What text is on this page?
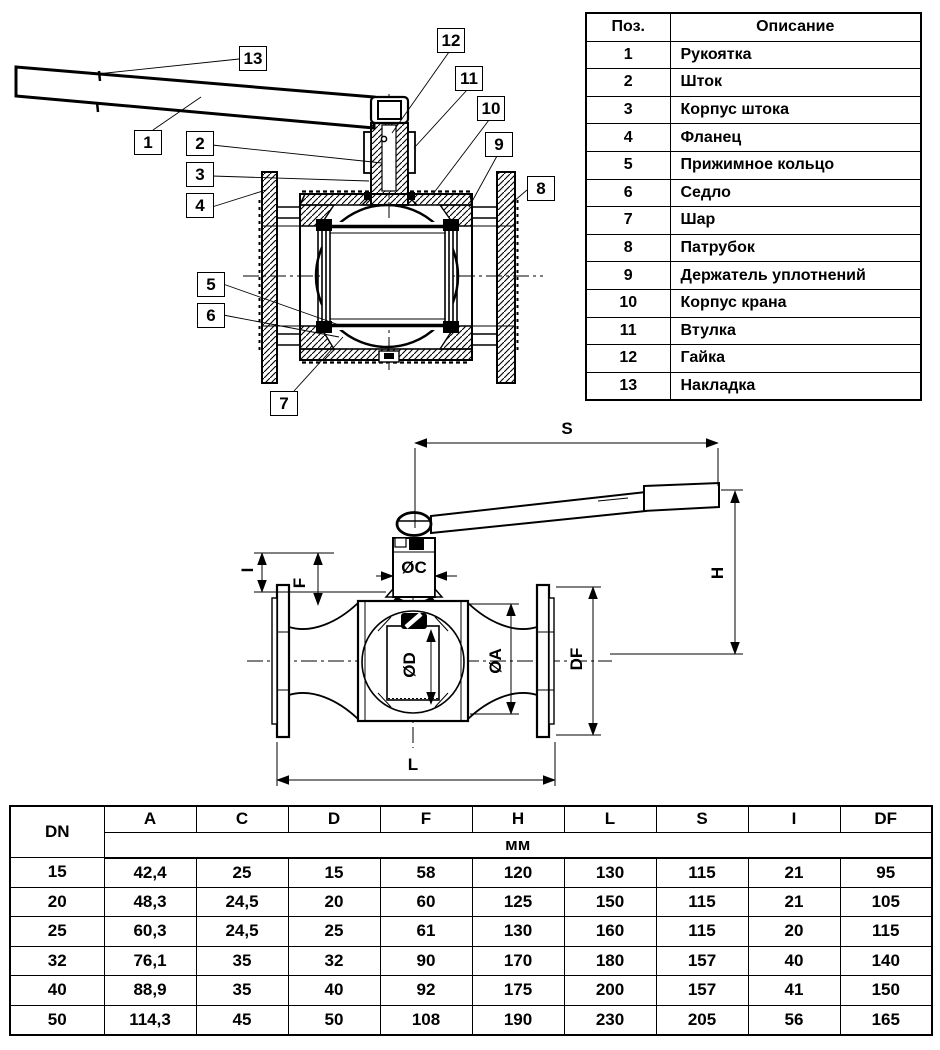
1	2
3
4
5
6
7
8
9
10
11
12
13
Поз.	Описание
1	Рукоятка
2	Шток
3	Корпус штока
4	Фланец
5	Прижимное кольцо
6	Седло
7	Шар
8	Патрубок
9	Держатель уплотнений
10	Корпус крана
11	Втулка
12	Гайка
13	Накладка
S
H
I
F
ØC
ØD	ØA	DF
L
DN	A	C	D	F	H	L	S	I	DF
	мм								
15	42,4	25	15	58	120	130	115	21	95
20	48,3	24,5	20	60	125	150	115	21	105
25	60,3	24,5	25	61	130	160	115	20	115
32	76,1	35	32	90	170	180	157	40	140
40	88,9	35	40	92	175	200	157	41	150
50	114,3	45	50	108	190	230	205	56	165
